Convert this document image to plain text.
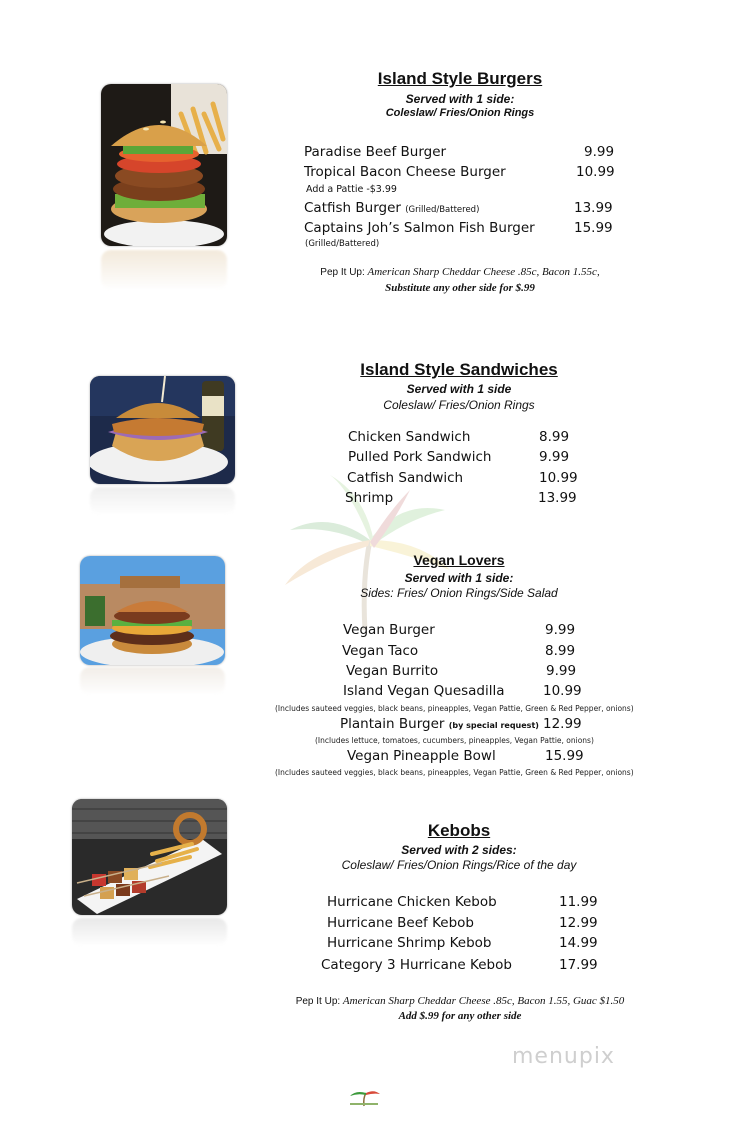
Island Style Burgers
Served with 1 side:
Coleslaw/ Fries/Onion Rings
Paradise Beef Burger	9.99
Tropical Bacon Cheese Burger	10.99
Add a Pattie -$3.99
Catfish Burger (Grilled/Battered)	13.99
Captains Joh’s Salmon Fish Burger	15.99
(Grilled/Battered)
Pep It Up: American Sharp Cheddar Cheese .85c, Bacon 1.55c,
Substitute any other side for $.99
Island Style Sandwiches
Served with 1 side
Coleslaw/ Fries/Onion Rings
Chicken Sandwich	8.99
Pulled Pork Sandwich	9.99
Catfish Sandwich	10.99
Shrimp	13.99
Vegan Lovers
Served with 1 side:
Sides: Fries/ Onion Rings/Side Salad
Vegan Burger	9.99
Vegan Taco	8.99
Vegan Burrito	9.99
Island Vegan Quesadilla	10.99
(Includes sauteed veggies, black beans, pineapples, Vegan Pattie, Green & Red Pepper, onions)
Plantain Burger (by special request) 12.99
(Includes lettuce, tomatoes, cucumbers, pineapples, Vegan Pattie, onions)
Vegan Pineapple Bowl	15.99
(Includes sauteed veggies, black beans, pineapples, Vegan Pattie, Green & Red Pepper, onions)
Kebobs
Served with 2 sides:
Coleslaw/ Fries/Onion Rings/Rice of the day
Hurricane Chicken Kebob	11.99
Hurricane Beef Kebob	12.99
Hurricane Shrimp Kebob	14.99
Category 3 Hurricane Kebob	17.99
Pep It Up: American Sharp Cheddar Cheese .85c, Bacon 1.55, Guac $1.50
Add $.99 for any other side
menupix
